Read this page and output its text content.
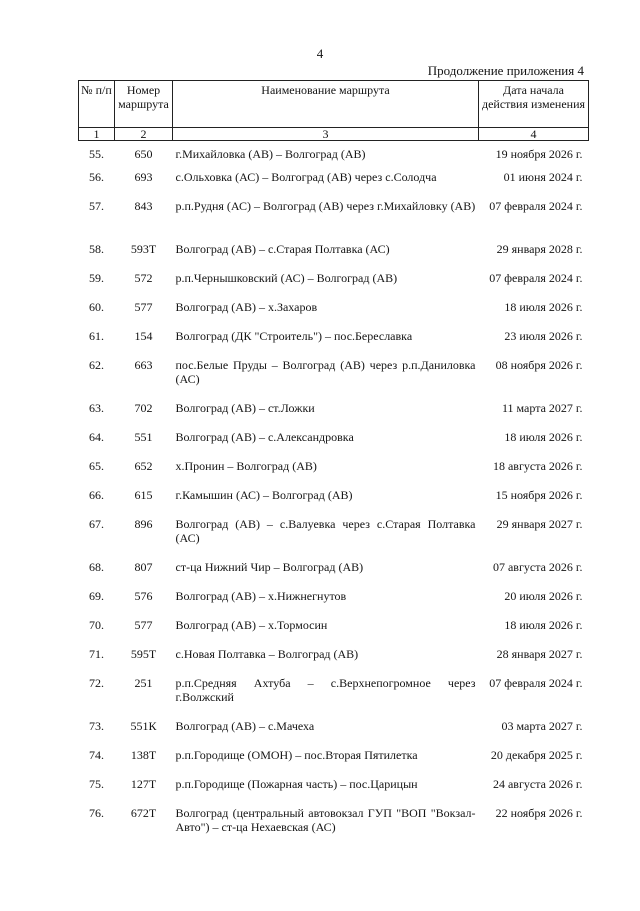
4
Продолжение приложения 4
№ п/п	Номер маршрута	Наименование маршрута	Дата начала действия изменения
1	2	3	4
55.	650	г.Михайловка (АВ) – Волгоград (АВ)	19 ноября 2026 г.
56.	693	с.Ольховка (АС) – Волгоград (АВ) через с.Солодча	01 июня 2024 г.
57.	843	р.п.Рудня (АС) – Волгоград (АВ) через г.Михайловку (АВ)	07 февраля 2024 г.
58.	593Т	Волгоград (АВ) – с.Старая Полтавка (АС)	29 января 2028 г.
59.	572	р.п.Чернышковский (АС) – Волгоград (АВ)	07 февраля 2024 г.
60.	577	Волгоград (АВ) – х.Захаров	18 июля 2026 г.
61.	154	Волгоград (ДК "Строитель") – пос.Береславка	23 июля 2026 г.
62.	663	пос.Белые Пруды – Волгоград (АВ) через р.п.Даниловка (АС)	08 ноября 2026 г.
63.	702	Волгоград (АВ) – ст.Ложки	11 марта 2027 г.
64.	551	Волгоград (АВ) – с.Александровка	18 июля 2026 г.
65.	652	х.Пронин – Волгоград (АВ)	18 августа 2026 г.
66.	615	г.Камышин (АС) – Волгоград (АВ)	15 ноября 2026 г.
67.	896	Волгоград (АВ) – с.Валуевка через с.Старая Полтавка (АС)	29 января 2027 г.
68.	807	ст-ца Нижний Чир – Волгоград (АВ)	07 августа 2026 г.
69.	576	Волгоград (АВ) – х.Нижнегнутов	20 июля 2026 г.
70.	577	Волгоград (АВ) – х.Тормосин	18 июля 2026 г.
71.	595Т	с.Новая Полтавка – Волгоград (АВ)	28 января 2027 г.
72.	251	р.п.Средняя Ахтуба – с.Верхнепогромное через г.Волжский	07 февраля 2024 г.
73.	551К	Волгоград (АВ) – с.Мачеха	03 марта 2027 г.
74.	138Т	р.п.Городище (ОМОН) – пос.Вторая Пятилетка	20 декабря 2025 г.
75.	127Т	р.п.Городище (Пожарная часть) – пос.Царицын	24 августа 2026 г.
76.	672Т	Волгоград (центральный автовокзал ГУП "ВОП "Вокзал-Авто") – ст-ца Нехаевская (АС)	22 ноября 2026 г.
